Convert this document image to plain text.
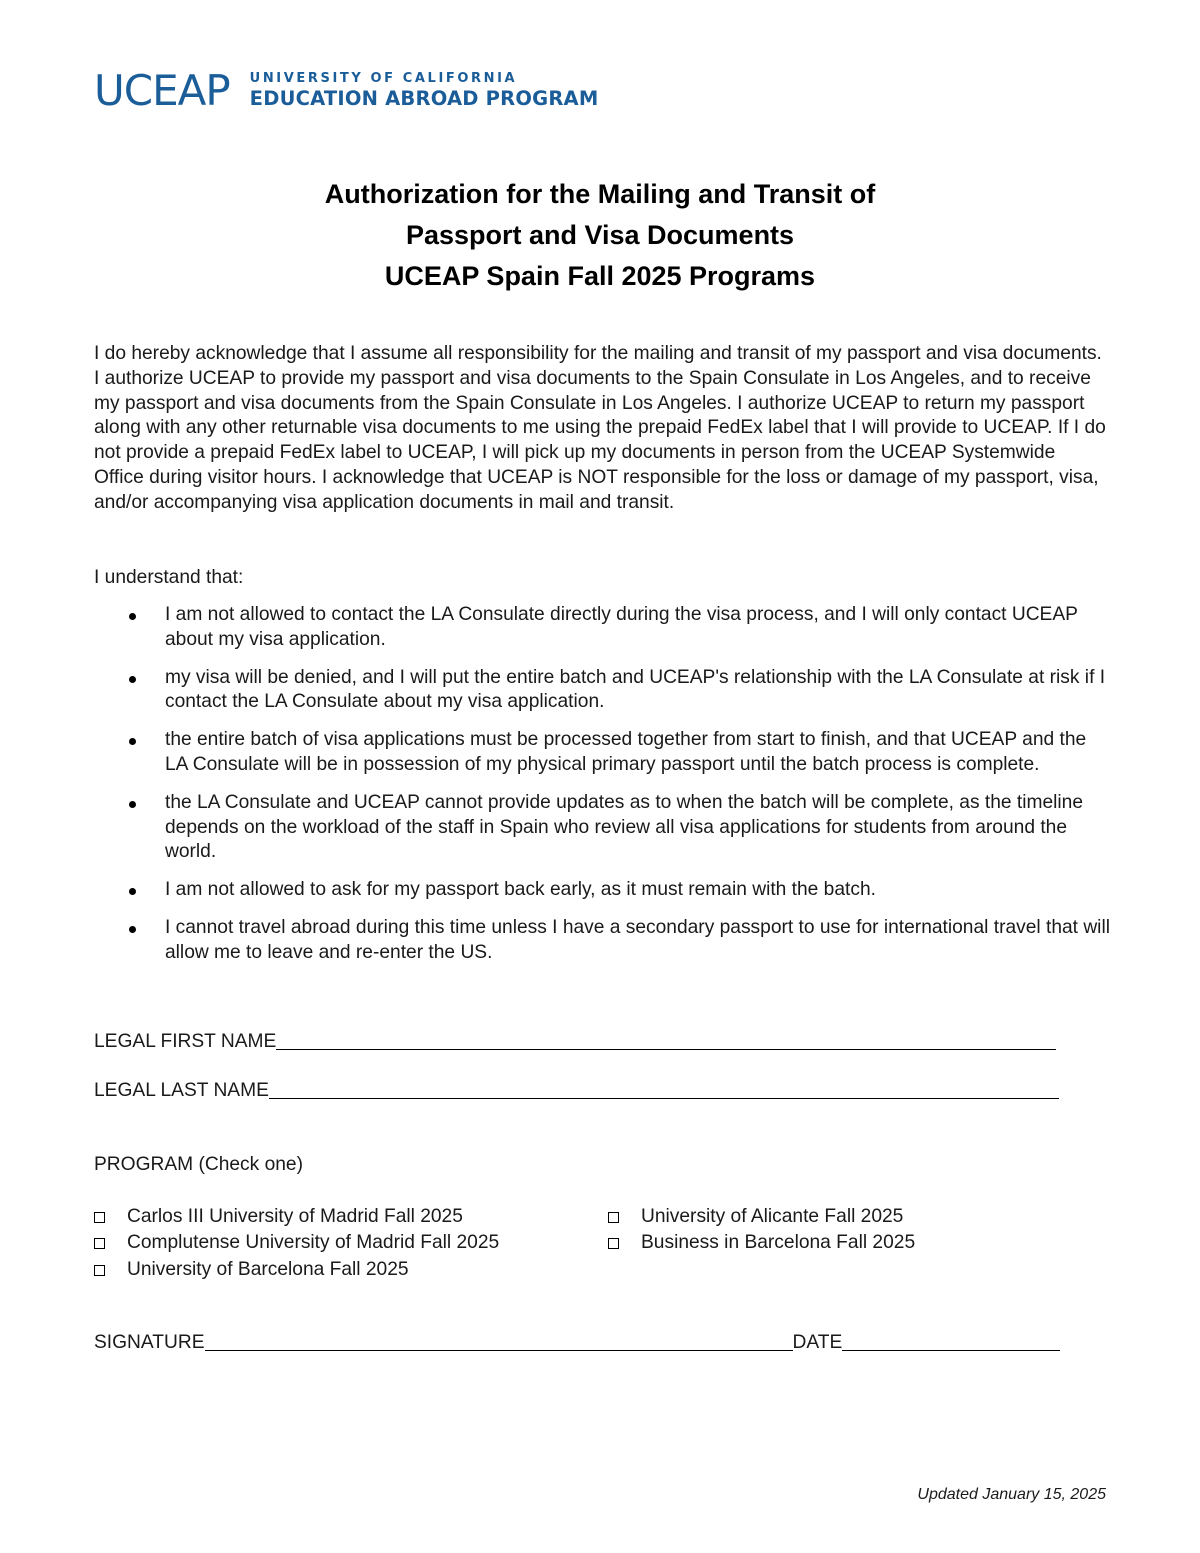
UCEAP UNIVERSITY OF CALIFORNIA
EDUCATION ABROAD PROGRAM
Authorization for the Mailing and Transit of
Passport and Visa Documents
UCEAP Spain Fall 2025 Programs
I do hereby acknowledge that I assume all responsibility for the mailing and transit of my passport and visa documents. I authorize UCEAP to provide my passport and visa documents to the Spain Consulate in Los Angeles, and to receive my passport and visa documents from the Spain Consulate in Los Angeles. I authorize UCEAP to return my passport along with any other returnable visa documents to me using the prepaid FedEx label that I will provide to UCEAP. If I do not provide a prepaid FedEx label to UCEAP, I will pick up my documents in person from the UCEAP Systemwide Office during visitor hours. I acknowledge that UCEAP is NOT responsible for the loss or damage of my passport, visa, and/or accompanying visa application documents in mail and transit.
I understand that:
I am not allowed to contact the LA Consulate directly during the visa process, and I will only contact UCEAP about my visa application.
my visa will be denied, and I will put the entire batch and UCEAP's relationship with the LA Consulate at risk if I contact the LA Consulate about my visa application.
the entire batch of visa applications must be processed together from start to finish, and that UCEAP and the LA Consulate will be in possession of my physical primary passport until the batch process is complete.
the LA Consulate and UCEAP cannot provide updates as to when the batch will be complete, as the timeline depends on the workload of the staff in Spain who review all visa applications for students from around the world.
I am not allowed to ask for my passport back early, as it must remain with the batch.
I cannot travel abroad during this time unless I have a secondary passport to use for international travel that will allow me to leave and re-enter the US.
LEGAL FIRST NAME
LEGAL LAST NAME
PROGRAM (Check one)
Carlos III University of Madrid Fall 2025
Complutense University of Madrid Fall 2025
University of Barcelona Fall 2025
University of Alicante Fall 2025
Business in Barcelona Fall 2025
SIGNATURE	DATE
Updated January 15, 2025
